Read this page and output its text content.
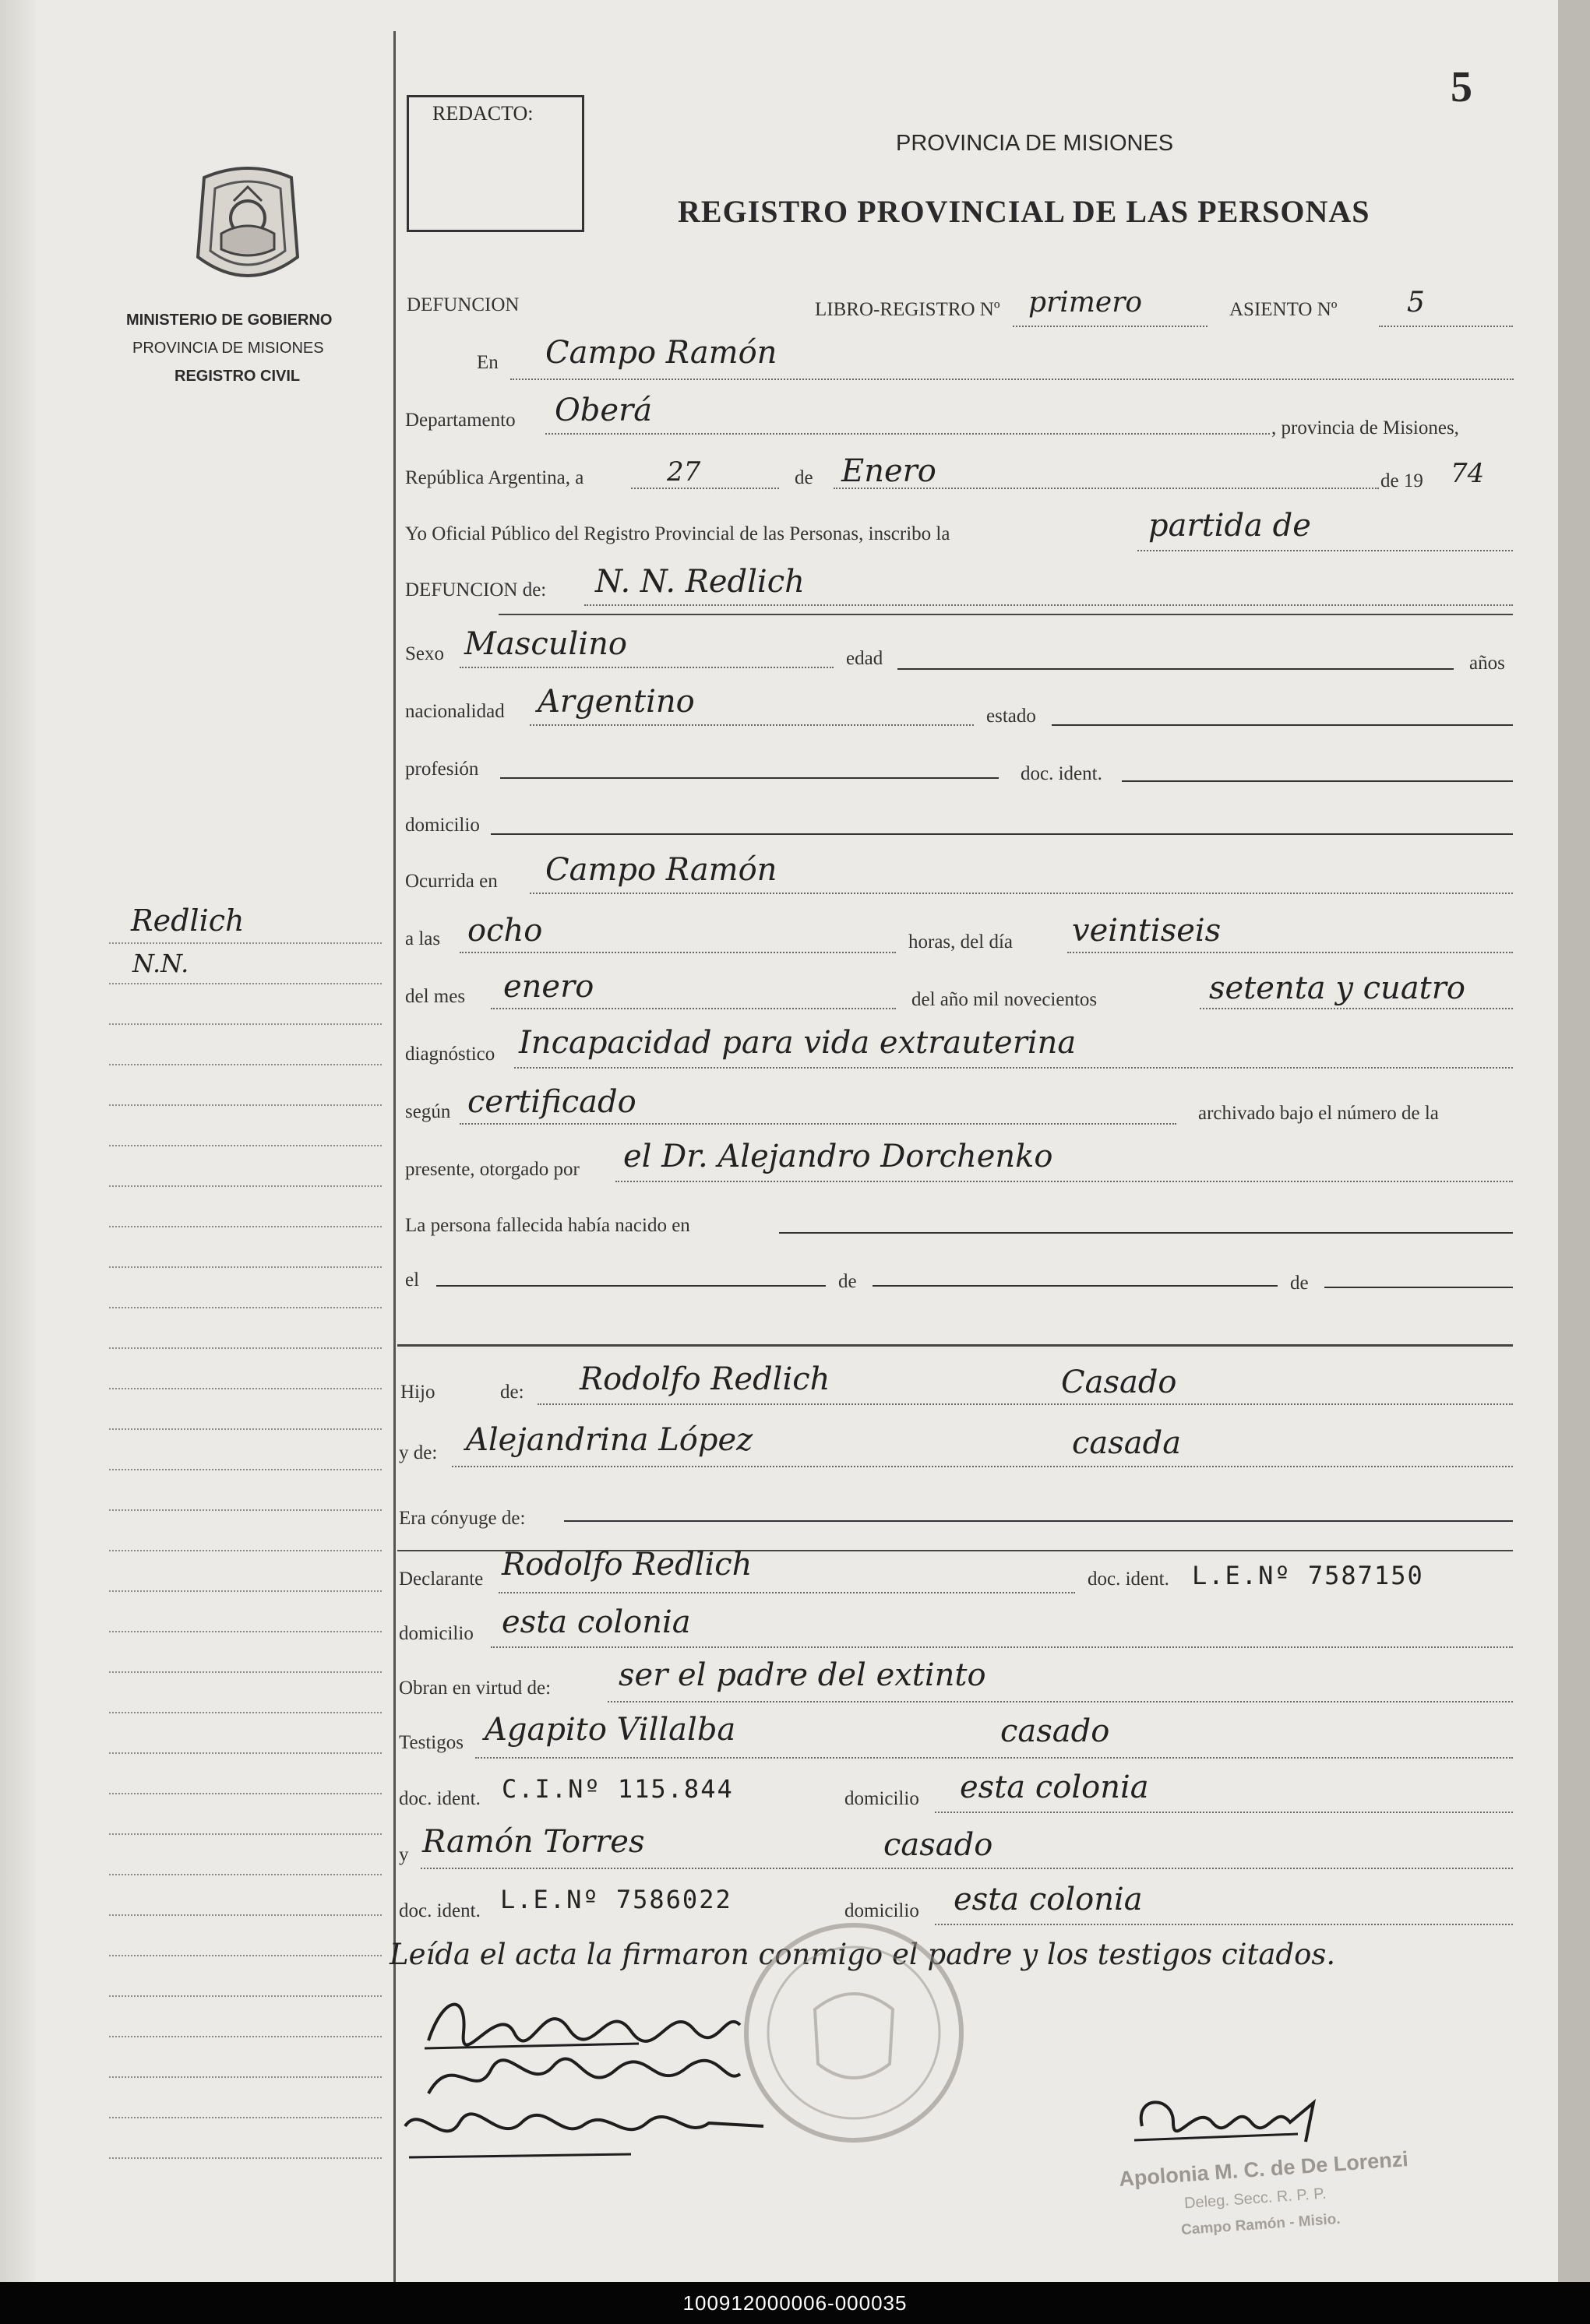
5
REDACTO:
PROVINCIA DE MISIONES
REGISTRO PROVINCIAL DE LAS PERSONAS
MINISTERIO DE GOBIERNO
PROVINCIA DE MISIONES
REGISTRO CIVIL
Redlich
N.N.
DEFUNCION	LIBRO-REGISTRO Nº primero	ASIENTO Nº 5
En Campo Ramón
Departamento Oberá	, provincia de Misiones,
República Argentina, a	27	de Enero	de 19 74
Yo Oficial Público del Registro Provincial de las Personas, inscribo la	partida de
DEFUNCION de: N. N. Redlich
Sexo Masculino	edad	años
nacionalidad Argentino	estado
profesión	doc. ident.
domicilio
Ocurrida en Campo Ramón
a las ocho	horas, del día veintiseis
del mes enero	del año mil novecientos	setenta y cuatro
diagnóstico Incapacidad para vida extrauterina
según certificado	archivado bajo el número de la
presente, otorgado por el Dr. Alejandro Dorchenko
La persona fallecida había nacido en
el	de	de
Hijo	de: Rodolfo Redlich	Casado
y de: Alejandrina López	casada
Era cónyuge de:
Declarante Rodolfo Redlich	doc. ident. L.E.Nº 7587150
domicilio esta colonia
Obran en virtud de: ser el padre del extinto
Testigos Agapito Villalba	casado
doc. ident. C.I.Nº 115.844	domicilio esta colonia
y Ramón Torres	casado
doc. ident. L.E.Nº 7586022	domicilio esta colonia
Leída el acta la firmaron conmigo el padre y los testigos citados.
Apolonia M. C. de De Lorenzi
Deleg. Secc. R. P. P.
Campo Ramón - Misio.
100912000006-000035
